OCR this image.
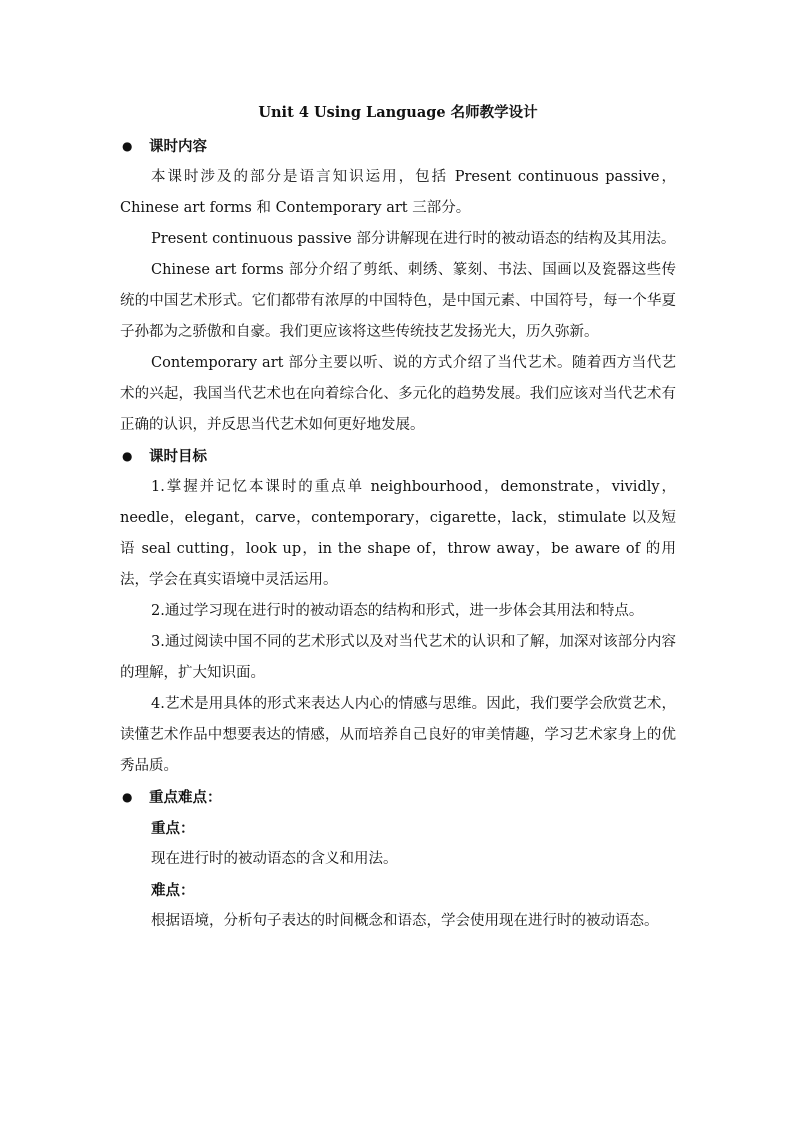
Unit 4 Using Language 名师教学设计
● 课时内容

本课时涉及的部分是语言知识运用，包括 Present continuous passive，Chinese art forms 和 Contemporary art 三部分。

Present continuous passive 部分讲解现在进行时的被动语态的结构及其用法。

Chinese art forms 部分介绍了剪纸、刺绣、篆刻、书法、国画以及瓷器这些传统的中国艺术形式。它们都带有浓厚的中国特色，是中国元素、中国符号，每一个华夏子孙都为之骄傲和自豪。我们更应该将这些传统技艺发扬光大，历久弥新。

Contemporary art 部分主要以听、说的方式介绍了当代艺术。随着西方当代艺术的兴起，我国当代艺术也在向着综合化、多元化的趋势发展。我们应该对当代艺术有正确的认识，并反思当代艺术如何更好地发展。

● 课时目标

1.掌握并记忆本课时的重点单 neighbourhood，demonstrate，vividly，needle，elegant，carve，contemporary，cigarette，lack，stimulate 以及短语 seal cutting，look up，in the shape of，throw away，be aware of 的用法，学会在真实语境中灵活运用。

2.通过学习现在进行时的被动语态的结构和形式，进一步体会其用法和特点。

3.通过阅读中国不同的艺术形式以及对当代艺术的认识和了解，加深对该部分内容的理解，扩大知识面。

4.艺术是用具体的形式来表达人内心的情感与思维。因此，我们要学会欣赏艺术，读懂艺术作品中想要表达的情感，从而培养自己良好的审美情趣，学习艺术家身上的优秀品质。

● 重点难点：

重点：

现在进行时的被动语态的含义和用法。

难点：

根据语境，分析句子表达的时间概念和语态，学会使用现在进行时的被动语态。
